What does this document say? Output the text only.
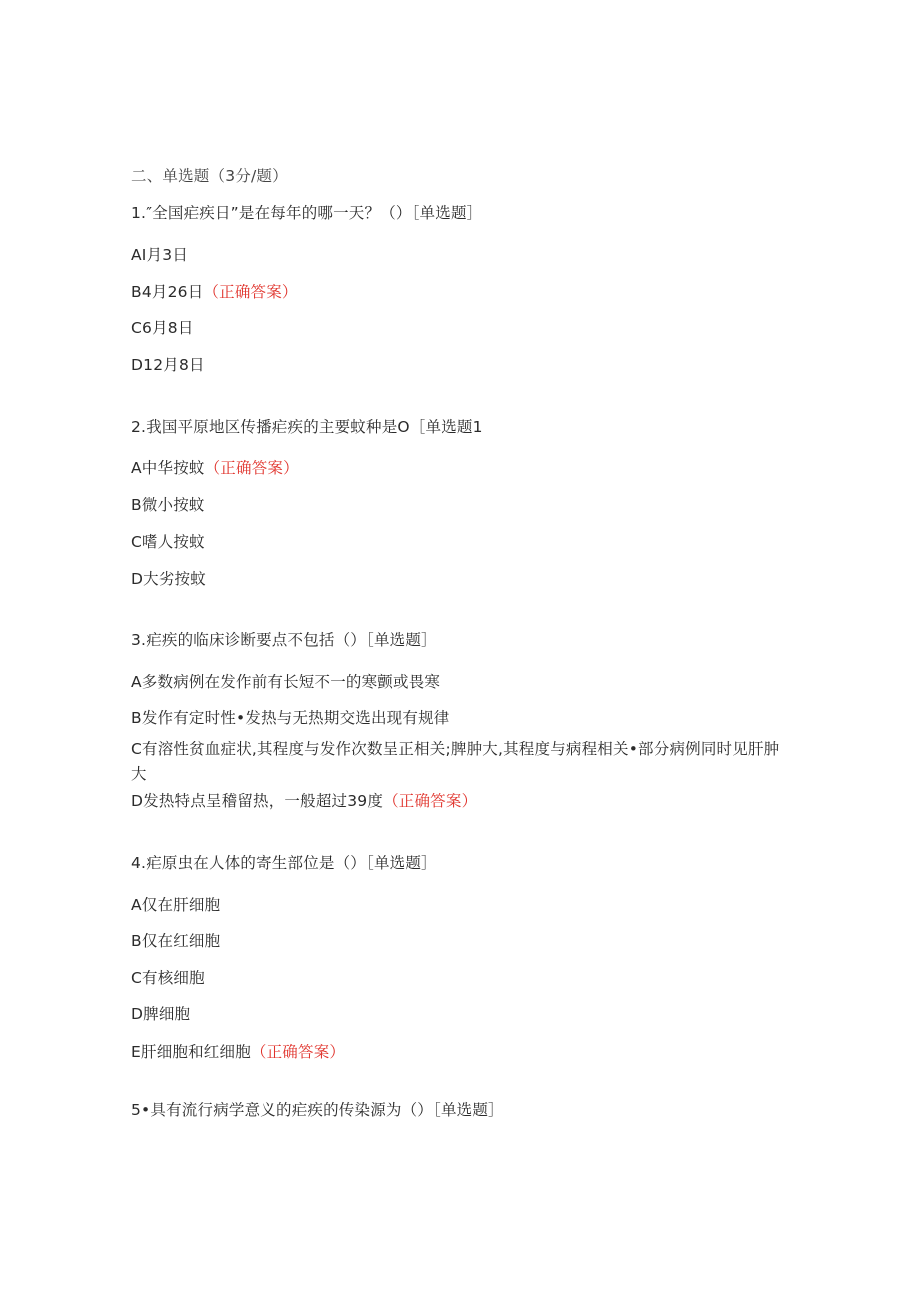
二、单选题（3分/题）
1.″全国疟疾日”是在每年的哪一天？（）［单选题］
AI月3日
B4月26日（正确答案）
C6月8日
D12月8日
2.我国平原地区传播疟疾的主要蚊种是O［单选题1
A中华按蚊（正确答案）
B微小按蚊
C嗜人按蚊
D大劣按蚊
3.疟疾的临床诊断要点不包括（）［单选题］
A多数病例在发作前有长短不一的寒颤或畏寒
B发作有定时性•发热与无热期交选出现有规律
C有溶性贫血症状,其程度与发作次数呈正相关;脾肿大,其程度与病程相关•部分病例同时见肝肿大
D发热特点呈稽留热，一般超过39度（正确答案）
4.疟原虫在人体的寄生部位是（）［单选题］
A仅在肝细胞
B仅在红细胞
C有核细胞
D脾细胞
E肝细胞和红细胞（正确答案）
5•具有流行病学意义的疟疾的传染源为（）［单选题］
